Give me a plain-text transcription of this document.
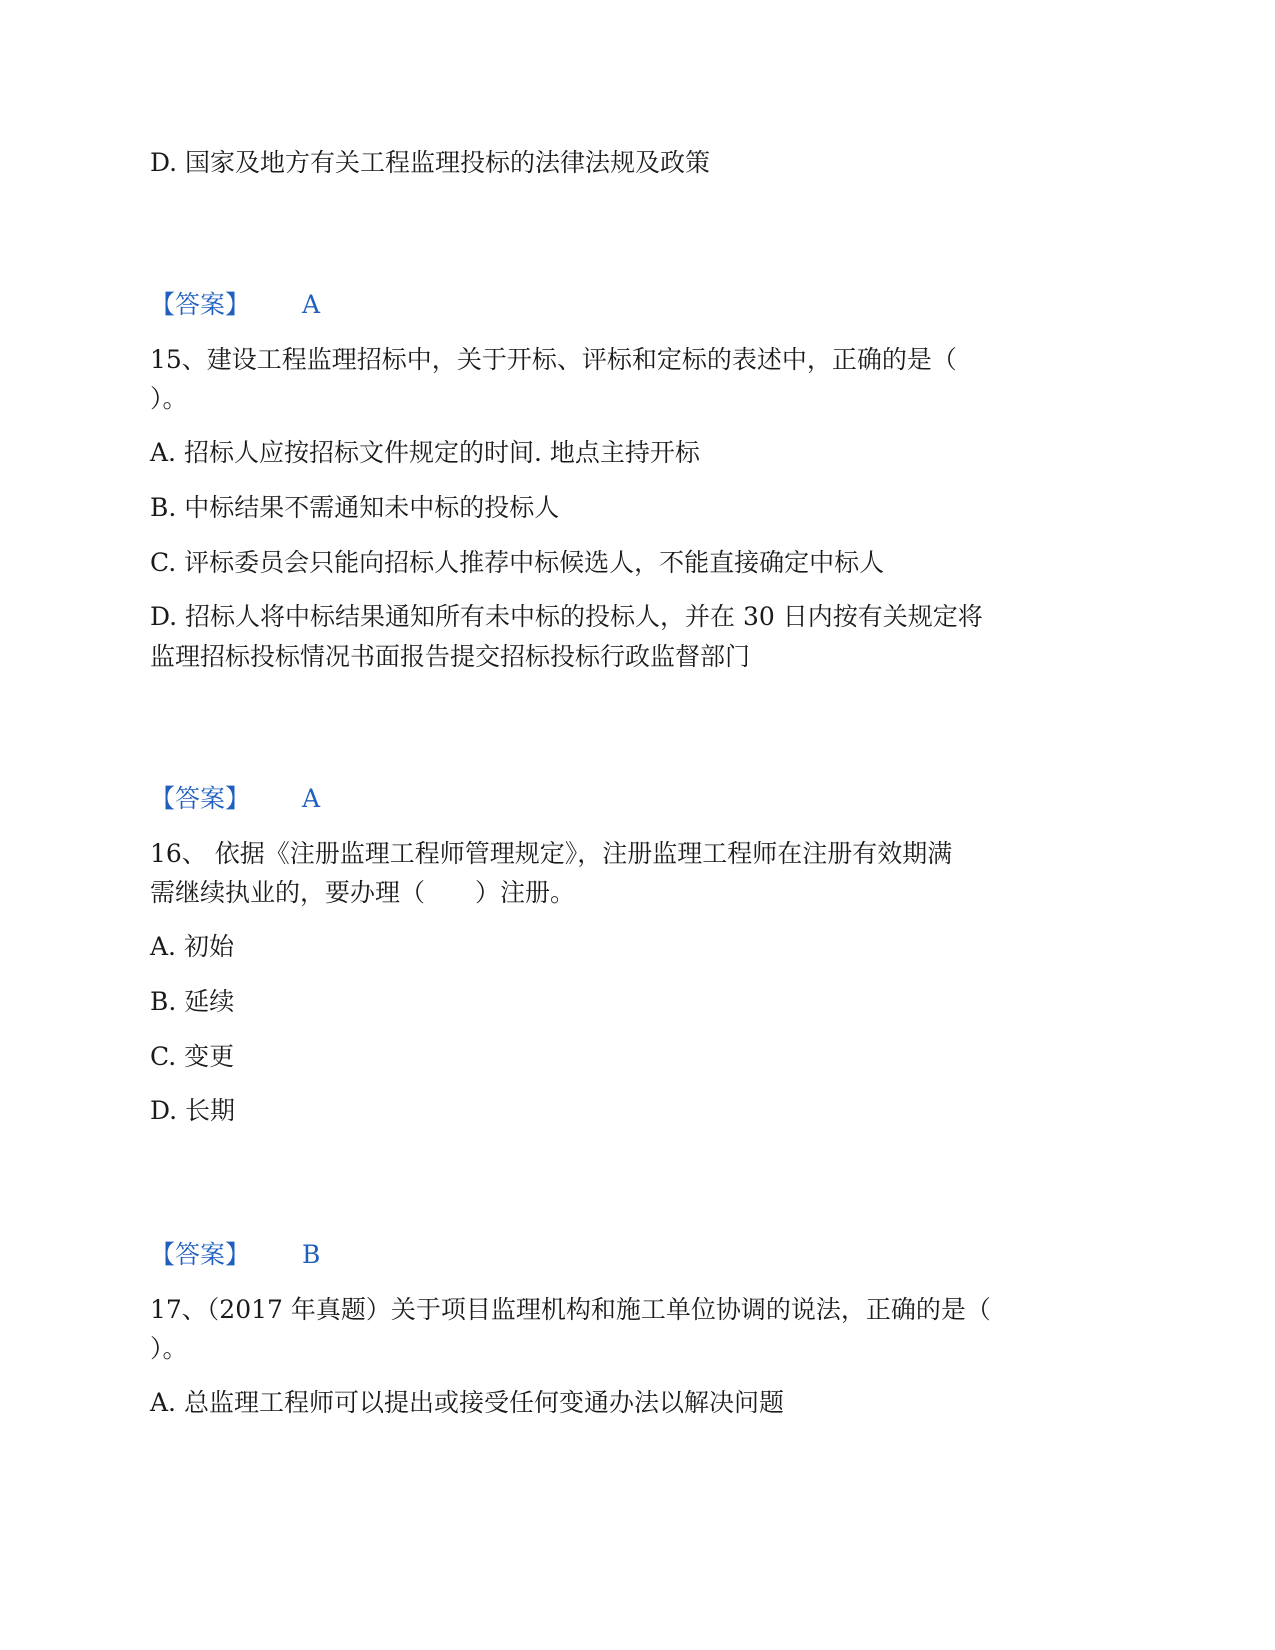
D. 国家及地方有关工程监理投标的法律法规及政策
【答案】 A
15、建设工程监理招标中，关于开标、评标和定标的表述中，正确的是（
）。
A. 招标人应按招标文件规定的时间. 地点主持开标
B. 中标结果不需通知未中标的投标人
C. 评标委员会只能向招标人推荐中标候选人，不能直接确定中标人
D. 招标人将中标结果通知所有未中标的投标人，并在 30 日内按有关规定将
监理招标投标情况书面报告提交招标投标行政监督部门
【答案】 A
16、 依据《注册监理工程师管理规定》，注册监理工程师在注册有效期满
需继续执业的，要办理（　　）注册。
A. 初始
B. 延续
C. 变更
D. 长期
【答案】 B
17、（2017 年真题）关于项目监理机构和施工单位协调的说法，正确的是（
）。
A. 总监理工程师可以提出或接受任何变通办法以解决问题
